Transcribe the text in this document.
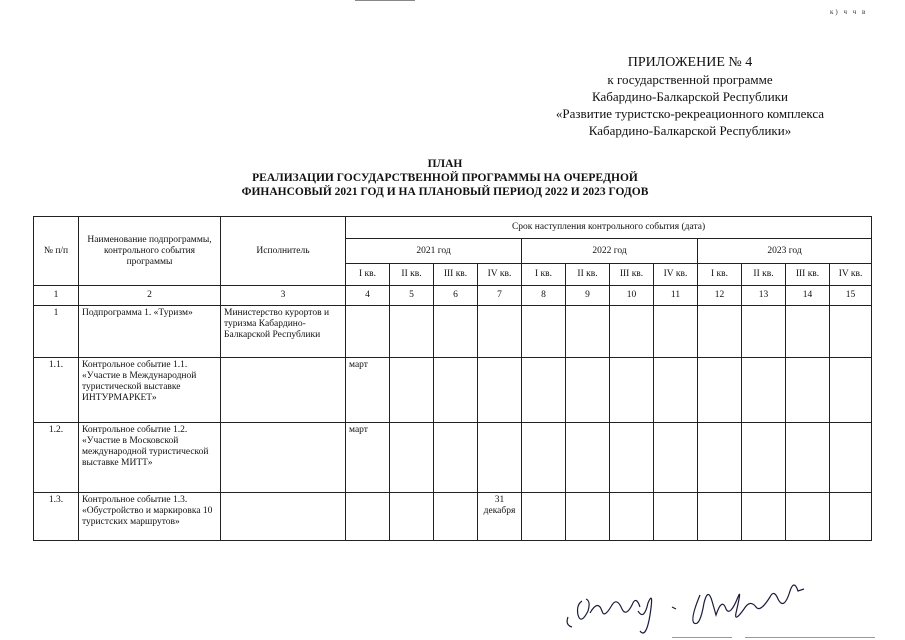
к) ч ч в
ПРИЛОЖЕНИЕ № 4
к государственной программе
Кабардино-Балкарской Республики
«Развитие туристско-рекреационного комплекса
Кабардино-Балкарской Республики»
ПЛАН
РЕАЛИЗАЦИИ ГОСУДАРСТВЕННОЙ ПРОГРАММЫ НА ОЧЕРЕДНОЙ
ФИНАНСОВЫЙ 2021 ГОД И НА ПЛАНОВЫЙ ПЕРИОД 2022 И 2023 ГОДОВ
№ п/п	Наименование подпрограммы, контрольного события программы	Исполнитель	Срок наступления контрольного события (дата)											
			2021 год				2022 год				2023 год			
			I кв.	II кв.	III кв.	IV кв.	I кв.	II кв.	III кв.	IV кв.	I кв.	II кв.	III кв.	IV кв.
1	2	3	4	5	6	7	8	9	10	11	12	13	14	15
1	Подпрограмма 1. «Туризм»	Министерство курортов и туризма Кабардино-Балкарской Республики												
1.1.	Контрольное событие 1.1. «Участие в Международной туристической выставке ИНТУРМАРКЕТ»		март											
1.2.	Контрольное событие 1.2. «Участие в Московской международной туристической выставке МИТТ»		март											
1.3.	Контрольное событие 1.3. «Обустройство и маркировка 10 туристских маршрутов»					31 декабря								
